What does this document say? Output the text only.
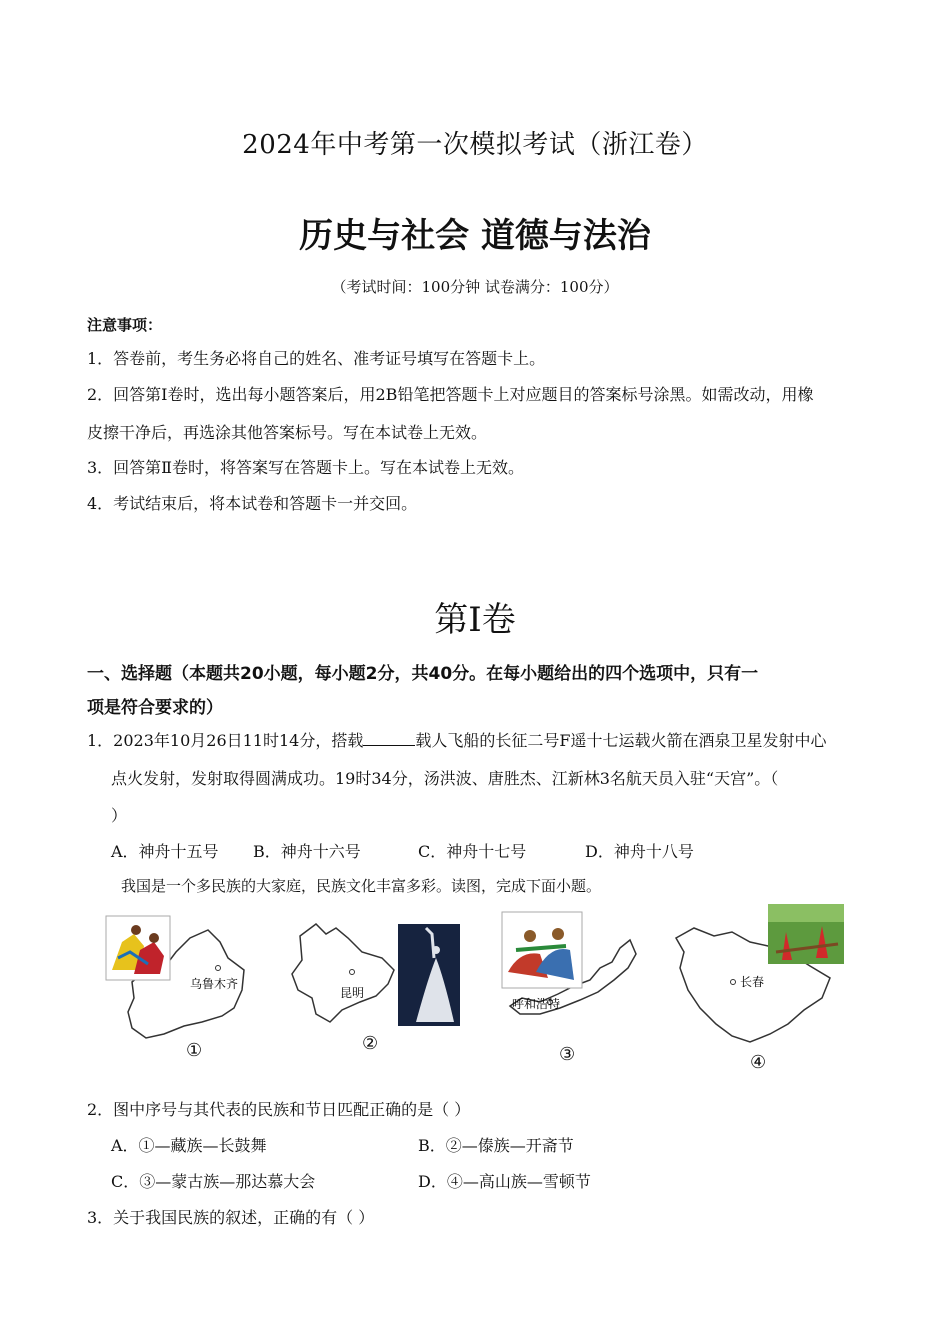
2024年中考第一次模拟考试（浙江卷）
历史与社会 道德与法治
（考试时间：100分钟 试卷满分：100分）
注意事项：
1．答卷前，考生务必将自己的姓名、准考证号填写在答题卡上。
2．回答第Ⅰ卷时，选出每小题答案后，用2B铅笔把答题卡上对应题目的答案标号涂黑。如需改动，用橡
皮擦干净后，再选涂其他答案标号。写在本试卷上无效。
3．回答第Ⅱ卷时，将答案写在答题卡上。写在本试卷上无效。
4．考试结束后，将本试卷和答题卡一并交回。
第Ⅰ卷
一、选择题（本题共20小题，每小题2分，共40分。在每小题给出的四个选项中，只有一
项是符合要求的）
1．2023年10月26日11时14分，搭载	载人飞船的长征二号F遥十七运载火箭在酒泉卫星发射中心
点火发射，发射取得圆满成功。19时34分，汤洪波、唐胜杰、江新林3名航天员入驻“天宫”。（
）
A．神舟十五号 B．神舟十六号	C．神舟十七号	D．神舟十八号
我国是一个多民族的大家庭，民族文化丰富多彩。读图，完成下面小题。
乌鲁木齐
①
昆明
②
呼和浩特
③
长春
④
2．图中序号与其代表的民族和节日匹配正确的是（ ）
A．①—藏族—长鼓舞	B．②—傣族—开斋节
C．③—蒙古族—那达慕大会	D．④—高山族—雪顿节
3．关于我国民族的叙述，正确的有（ ）
